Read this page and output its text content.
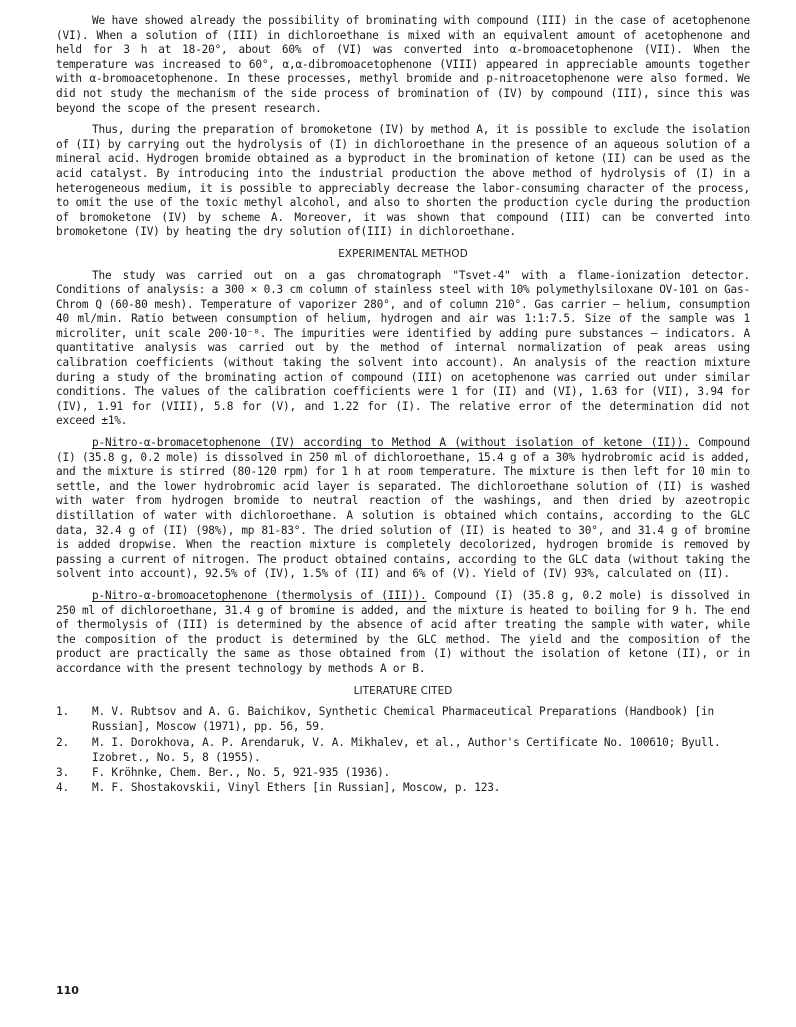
We have showed already the possibility of brominating with compound (III) in the case of acetophenone (VI). When a solution of (III) in dichloroethane is mixed with an equivalent amount of acetophenone and held for 3 h at 18-20°, about 60% of (VI) was converted into α-bromoacetophenone (VII). When the temperature was increased to 60°, α,α-dibromoacetophenone (VIII) appeared in appreciable amounts together with α-bromoacetophenone. In these processes, methyl bromide and p-nitroacetophenone were also formed. We did not study the mechanism of the side process of bromination of (IV) by compound (III), since this was beyond the scope of the present research.

Thus, during the preparation of bromoketone (IV) by method A, it is possible to exclude the isolation of (II) by carrying out the hydrolysis of (I) in dichloroethane in the presence of an aqueous solution of a mineral acid. Hydrogen bromide obtained as a byproduct in the bromination of ketone (II) can be used as the acid catalyst. By introducing into the industrial production the above method of hydrolysis of (I) in a heterogeneous medium, it is possible to appreciably decrease the labor-consuming character of the process, to omit the use of the toxic methyl alcohol, and also to shorten the production cycle during the production of bromoketone (IV) by scheme A. Moreover, it was shown that compound (III) can be converted into bromoketone (IV) by heating the dry solution of(III) in dichloroethane.

EXPERIMENTAL METHOD

The study was carried out on a gas chromatograph "Tsvet-4" with a flame-ionization detector. Conditions of analysis: a 300 × 0.3 cm column of stainless steel with 10% polymethylsiloxane OV-101 on Gas-Chrom Q (60-80 mesh). Temperature of vaporizer 280°, and of column 210°. Gas carrier — helium, consumption 40 ml/min. Ratio between consumption of helium, hydrogen and air was 1:1:7.5. Size of the sample was 1 microliter, unit scale 200·10⁻⁸. The impurities were identified by adding pure substances — indicators. A quantitative analysis was carried out by the method of internal normalization of peak areas using calibration coefficients (without taking the solvent into account). An analysis of the reaction mixture during a study of the brominating action of compound (III) on acetophenone was carried out under similar conditions. The values of the calibration coefficients were 1 for (II) and (VI), 1.63 for (VII), 3.94 for (IV), 1.91 for (VIII), 5.8 for (V), and 1.22 for (I). The relative error of the determination did not exceed ±1%.

p-Nitro-α-bromacetophenone (IV) according to Method A (without isolation of ketone (II)). Compound (I) (35.8 g, 0.2 mole) is dissolved in 250 ml of dichloroethane, 15.4 g of a 30% hydrobromic acid is added, and the mixture is stirred (80-120 rpm) for 1 h at room temperature. The mixture is then left for 10 min to settle, and the lower hydrobromic acid layer is separated. The dichloroethane solution of (II) is washed with water from hydrogen bromide to neutral reaction of the washings, and then dried by azeotropic distillation of water with dichloroethane. A solution is obtained which contains, according to the GLC data, 32.4 g of (II) (98%), mp 81-83°. The dried solution of (II) is heated to 30°, and 31.4 g of bromine is added dropwise. When the reaction mixture is completely decolorized, hydrogen bromide is removed by passing a current of nitrogen. The product obtained contains, according to the GLC data (without taking the solvent into account), 92.5% of (IV), 1.5% of (II) and 6% of (V). Yield of (IV) 93%, calculated on (II).

p-Nitro-α-bromoacetophenone (thermolysis of (III)). Compound (I) (35.8 g, 0.2 mole) is dissolved in 250 ml of dichloroethane, 31.4 g of bromine is added, and the mixture is heated to boiling for 9 h. The end of thermolysis of (III) is determined by the absence of acid after treating the sample with water, while the composition of the product is determined by the GLC method. The yield and the composition of the product are practically the same as those obtained from (I) without the isolation of ketone (II), or in accordance with the present technology by methods A or B.

LITERATURE CITED
1.	M. V. Rubtsov and A. G. Baichikov, Synthetic Chemical Pharmaceutical Preparations (Handbook) [in Russian], Moscow (1971), pp. 56, 59.
2.	M. I. Dorokhova, A. P. Arendaruk, V. A. Mikhalev, et al., Author's Certificate No. 100610; Byull. Izobret., No. 5, 8 (1955).
3.	F. Kröhnke, Chem. Ber., No. 5, 921-935 (1936).
4.	M. F. Shostakovskii, Vinyl Ethers [in Russian], Moscow, p. 123.
110
